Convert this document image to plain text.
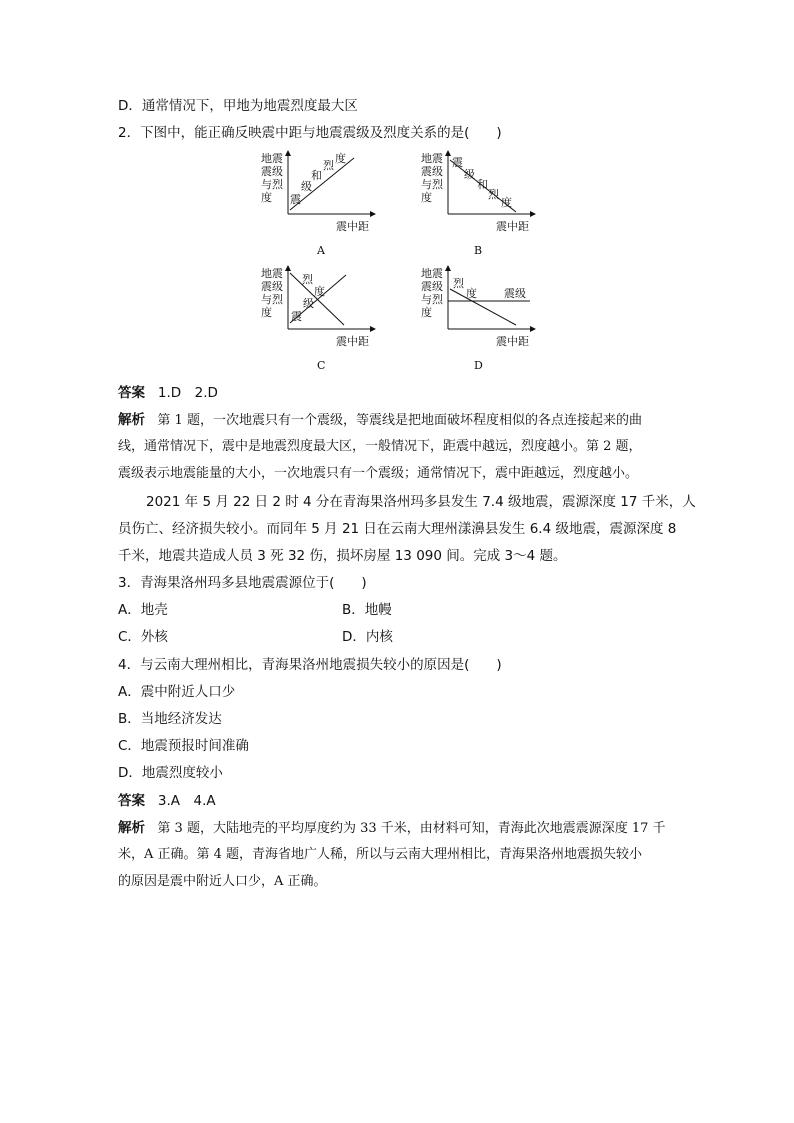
D．通常情况下，甲地为地震烈度最大区
2．下图中，能正确反映震中距与地震震级及烈度关系的是(　　)
地震
震级
与烈
度 震
级
和
烈
度
震中距
A
地震
震级
与烈
度
震
级
和
烈
度
震中距
B
地震
震级
与烈
度
烈
度
级
震
震中距
C
地震
震级
与烈
度
烈
度 震级
震中距
D
答案 1.D　2.D
解析 第 1 题，一次地震只有一个震级，等震线是把地面破坏程度相似的各点连接起来的曲
线，通常情况下，震中是地震烈度最大区，一般情况下，距震中越远，烈度越小。第 2 题，
震级表示地震能量的大小，一次地震只有一个震级；通常情况下，震中距越远，烈度越小。
2021 年 5 月 22 日 2 时 4 分在青海果洛州玛多县发生 7.4 级地震，震源深度 17 千米，人
员伤亡、经济损失较小。而同年 5 月 21 日在云南大理州漾濞县发生 6.4 级地震，震源深度 8
千米，地震共造成人员 3 死 32 伤，损坏房屋 13 090 间。完成 3～4 题。
3．青海果洛州玛多县地震震源位于(　　)
A．地壳	B．地幔
C．外核	D．内核
4．与云南大理州相比，青海果洛州地震损失较小的原因是(　　)
A．震中附近人口少
B．当地经济发达
C．地震预报时间准确
D．地震烈度较小
答案 3.A　4.A
解析 第 3 题，大陆地壳的平均厚度约为 33 千米，由材料可知，青海此次地震震源深度 17 千
米，A 正确。第 4 题，青海省地广人稀，所以与云南大理州相比，青海果洛州地震损失较小
的原因是震中附近人口少，A 正确。
